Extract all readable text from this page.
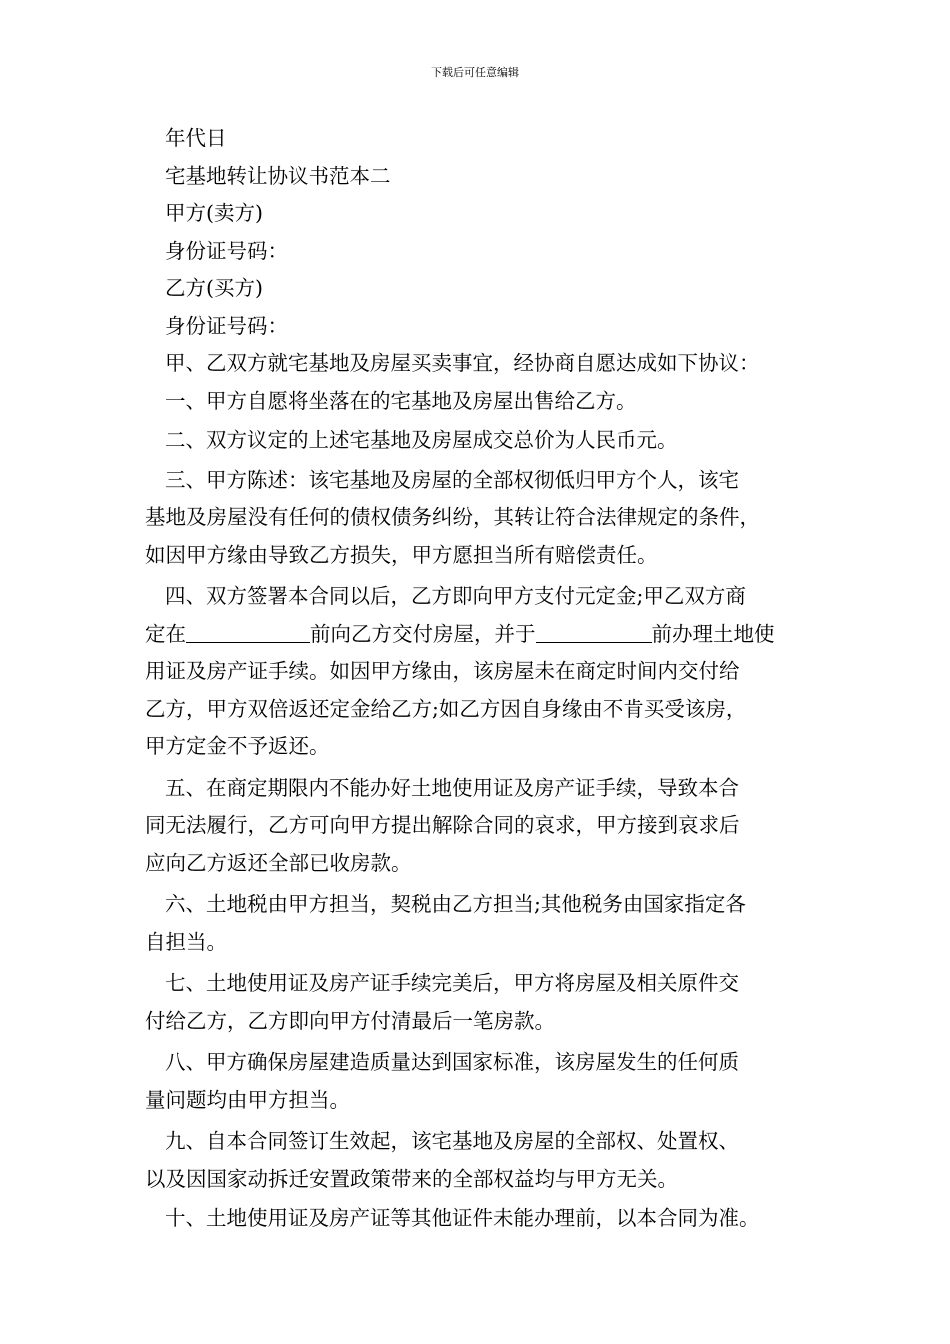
下载后可任意编辑

年代日

宅基地转让协议书范本二

甲方(卖方)

身份证号码：

乙方(买方)

身份证号码：

甲、乙双方就宅基地及房屋买卖事宜，经协商自愿达成如下协议：

一、甲方自愿将坐落在的宅基地及房屋出售给乙方。

二、双方议定的上述宅基地及房屋成交总价为人民币元。

三、甲方陈述：该宅基地及房屋的全部权彻低归甲方个人，该宅

基地及房屋没有任何的债权债务纠纷，其转让符合法律规定的条件，

如因甲方缘由导致乙方损失，甲方愿担当所有赔偿责任。

四、双方签署本合同以后，乙方即向甲方支付元定金;甲乙双方商

定在	前向乙方交付房屋，并于	前办理土地使

用证及房产证手续。如因甲方缘由，该房屋未在商定时间内交付给

乙方，甲方双倍返还定金给乙方;如乙方因自身缘由不肯买受该房，

甲方定金不予返还。

五、在商定期限内不能办好土地使用证及房产证手续，导致本合

同无法履行，乙方可向甲方提出解除合同的哀求，甲方接到哀求后

应向乙方返还全部已收房款。

六、土地税由甲方担当，契税由乙方担当;其他税务由国家指定各

自担当。

七、土地使用证及房产证手续完美后，甲方将房屋及相关原件交

付给乙方，乙方即向甲方付清最后一笔房款。

八、甲方确保房屋建造质量达到国家标准，该房屋发生的任何质

量问题均由甲方担当。

九、自本合同签订生效起，该宅基地及房屋的全部权、处置权、

以及因国家动拆迁安置政策带来的全部权益均与甲方无关。

十、土地使用证及房产证等其他证件未能办理前，以本合同为准。
